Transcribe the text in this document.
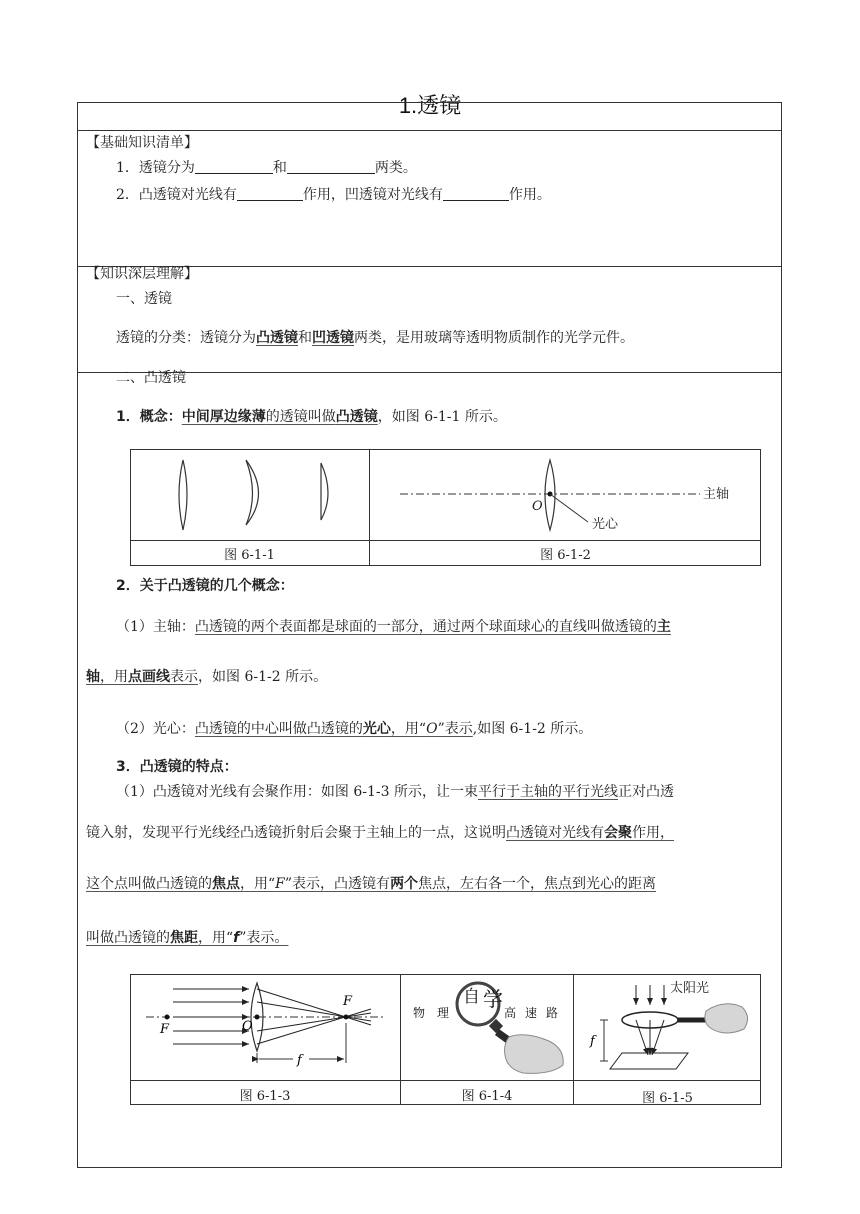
1.透镜
【基础知识清单】
1．透镜分为	和	两类。
2．凸透镜对光线有	作用，凹透镜对光线有	作用。
【知识深层理解】
一、透镜
透镜的分类：透镜分为凸透镜和凹透镜两类，是用玻璃等透明物质制作的光学元件。
二、凸透镜
1．概念：中间厚边缘薄的透镜叫做凸透镜，如图 6-1-1 所示。
O
主轴
光心
图 6-1-1	图 6-1-2
2．关于凸透镜的几个概念：
（1）主轴：凸透镜的两个表面都是球面的一部分，通过两个球面球心的直线叫做透镜的主
轴，用点画线表示，如图 6-1-2 所示。
（2）光心：凸透镜的中心叫做凸透镜的光心，用“O”表示,如图 6-1-2 所示。
3．凸透镜的特点：
（1）凸透镜对光线有会聚作用：如图 6-1-3 所示，让一束平行于主轴的平行光线正对凸透
镜入射，发现平行光线经凸透镜折射后会聚于主轴上的一点，这说明凸透镜对光线有会聚作用，
这个点叫做凸透镜的焦点，用“F”表示，凸透镜有两个焦点，左右各一个，焦点到光心的距离
叫做凸透镜的焦距，用“f”表示。
F
F
O
f
自 学
物 理	高 速 路
f
太阳光
图 6-1-3	图 6-1-4	图 6-1-5
